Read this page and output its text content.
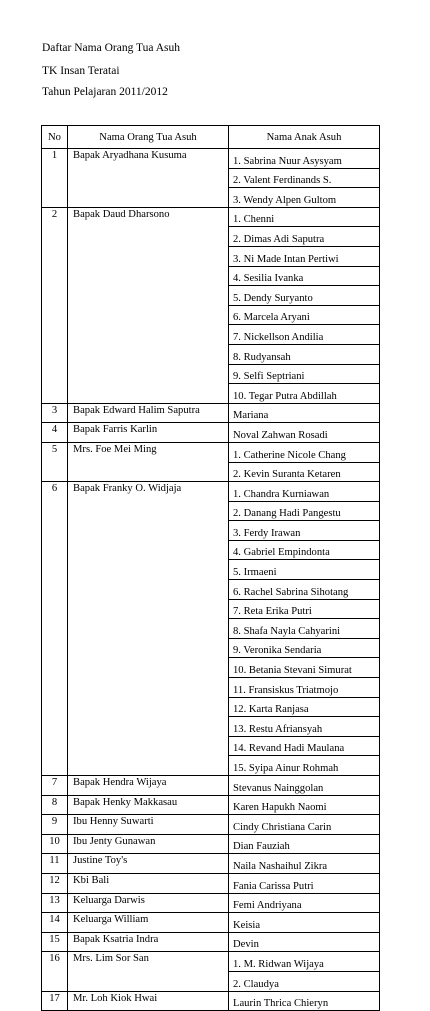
Daftar Nama Orang Tua Asuh
TK Insan Teratai
Tahun Pelajaran 2011/2012
No	Nama Orang Tua Asuh	Nama Anak Asuh
1	Bapak Aryadhana Kusuma	1. Sabrina Nuur Asysyam
		2. Valent Ferdinands S.
		3. Wendy Alpen Gultom
2	Bapak Daud Dharsono	1. Chenni
		2. Dimas Adi Saputra
		3. Ni Made Intan Pertiwi
		4. Sesilia Ivanka
		5. Dendy Suryanto
		6. Marcela Aryani
		7. Nickellson Andilia
		8. Rudyansah
		9. Selfi Septriani
		10. Tegar Putra Abdillah
3	Bapak Edward Halim Saputra	Mariana
4	Bapak Farris Karlin	Noval Zahwan Rosadi
5	Mrs. Foe Mei Ming	1. Catherine Nicole Chang
		2. Kevin Suranta Ketaren
6	Bapak Franky O. Widjaja	1. Chandra Kurniawan
		2. Danang Hadi Pangestu
		3. Ferdy Irawan
		4. Gabriel Empindonta
		5. Irmaeni
		6. Rachel Sabrina Sihotang
		7. Reta Erika Putri
		8. Shafa Nayla Cahyarini
		9. Veronika Sendaria
		10. Betania Stevani Simurat
		11. Fransiskus Triatmojo
		12. Karta Ranjasa
		13. Restu Afriansyah
		14. Revand Hadi Maulana
		15. Syipa Ainur Rohmah
7	Bapak Hendra Wijaya	Stevanus Nainggolan
8	Bapak Henky Makkasau	Karen Hapukh Naomi
9	Ibu Henny Suwarti	Cindy Christiana Carin
10	Ibu Jenty Gunawan	Dian Fauziah
11	Justine Toy's	Naila Nashaihul Zikra
12	Kbi Bali	Fania Carissa Putri
13	Keluarga Darwis	Femi Andriyana
14	Keluarga William	Keisia
15	Bapak Ksatria Indra	Devin
16	Mrs. Lim Sor San	1. M. Ridwan Wijaya
		2. Claudya
17	Mr. Loh Kiok Hwai	Laurin Thrica Chieryn
